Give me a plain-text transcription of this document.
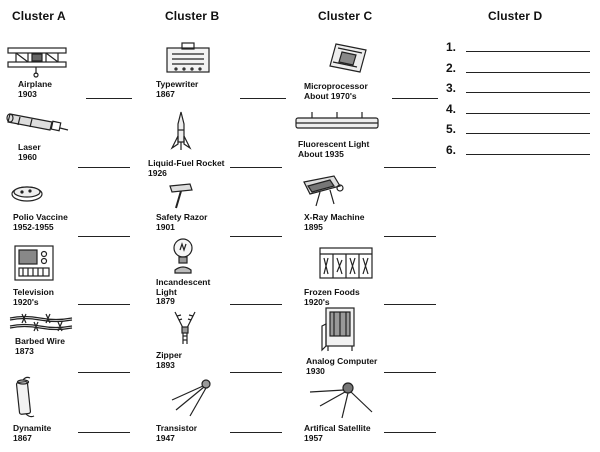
Cluster A	Cluster B	Cluster C	Cluster D
Airplane
1903
Laser
1960
Polio Vaccine
1952-1955
Television
1920's
Barbed Wire
1873
Dynamite
1867
Typewriter
1867
Liquid-Fuel Rocket
1926
Safety Razor
1901
Incandescent
Light
1879
Zipper
1893
Transistor
1947
Microprocessor
About 1970's
Fluorescent Light
About 1935
X-Ray Machine
1895
Frozen Foods
1920's
Analog Computer
1930
Artifical Satellite
1957
1.
2.
3.
4.
5.
6.
